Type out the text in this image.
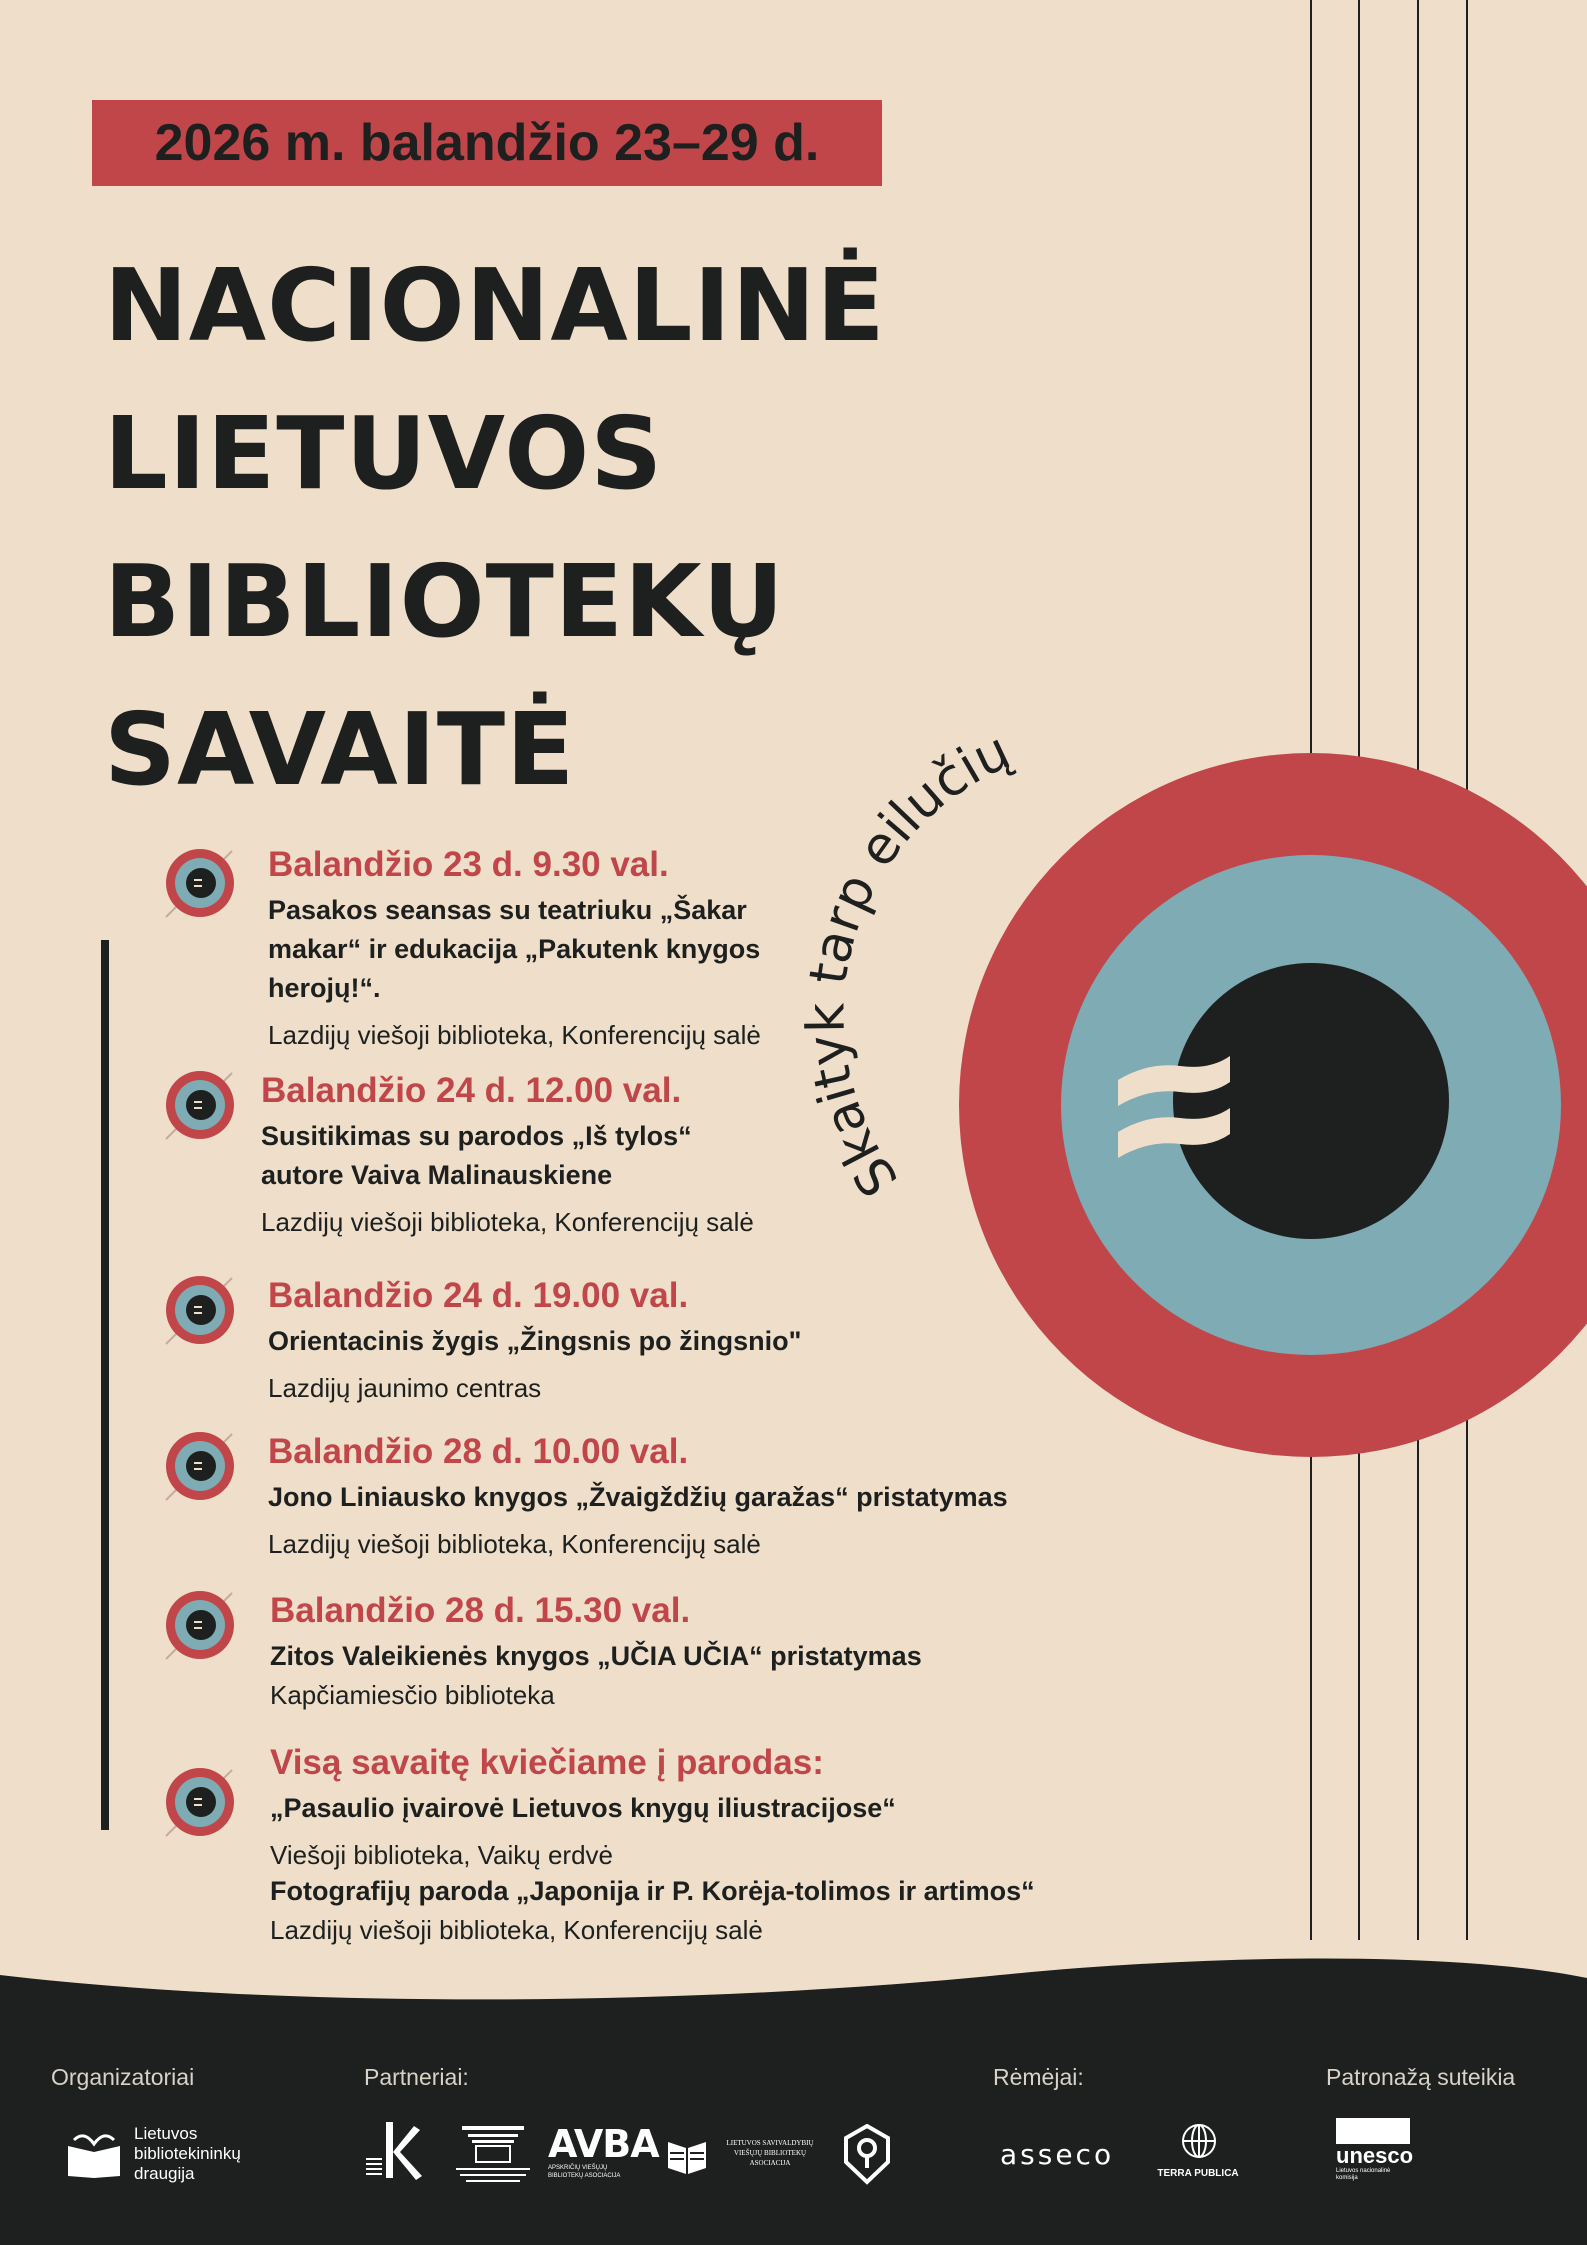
Skaityk tarp eilučių
2026 m. balandžio 23–29 d.
NACIONALINĖ
LIETUVOS
BIBLIOTEKŲ
SAVAITĖ
Balandžio 23 d. 9.30 val.
Pasakos seansas su teatriuku „Šakar
makar“ ir edukacija „Pakutenk knygos
herojų!“.
Lazdijų viešoji biblioteka, Konferencijų salė
Balandžio 24 d. 12.00 val.
Susitikimas su parodos „Iš tylos“
autore Vaiva Malinauskiene
Lazdijų viešoji biblioteka, Konferencijų salė
Balandžio 24 d. 19.00 val.
Orientacinis žygis „Žingsnis po žingsnio"
Lazdijų jaunimo centras
Balandžio 28 d. 10.00 val.
Jono Liniausko knygos „Žvaigždžių garažas“ pristatymas
Lazdijų viešoji biblioteka, Konferencijų salė
Balandžio 28 d. 15.30 val.
Zitos Valeikienės knygos „UČIA UČIA“ pristatymas
Kapčiamiesčio biblioteka
Visą savaitę kviečiame į parodas:
„Pasaulio įvairovė Lietuvos knygų iliustracijose“
Viešoji biblioteka, Vaikų erdvė
Fotografijų paroda „Japonija ir P. Korėja-tolimos ir artimos“
Lazdijų viešoji biblioteka, Konferencijų salė
Organizatoriai	Partneriai:	Rėmėjai:	Patronažą suteikia
Lietuvos
bibliotekininkų
draugija
AVBA
APSKRIČIŲ VIEŠŲJŲ BIBLIOTEKŲ ASOCIACIJA
LIETUVOS SAVIVALDYBIŲ VIEŠŲJŲ BIBLIOTEKŲ ASOCIACIJA	asseco
TERRA PUBLICA
unesco
Lietuvos nacionalinė komisija
